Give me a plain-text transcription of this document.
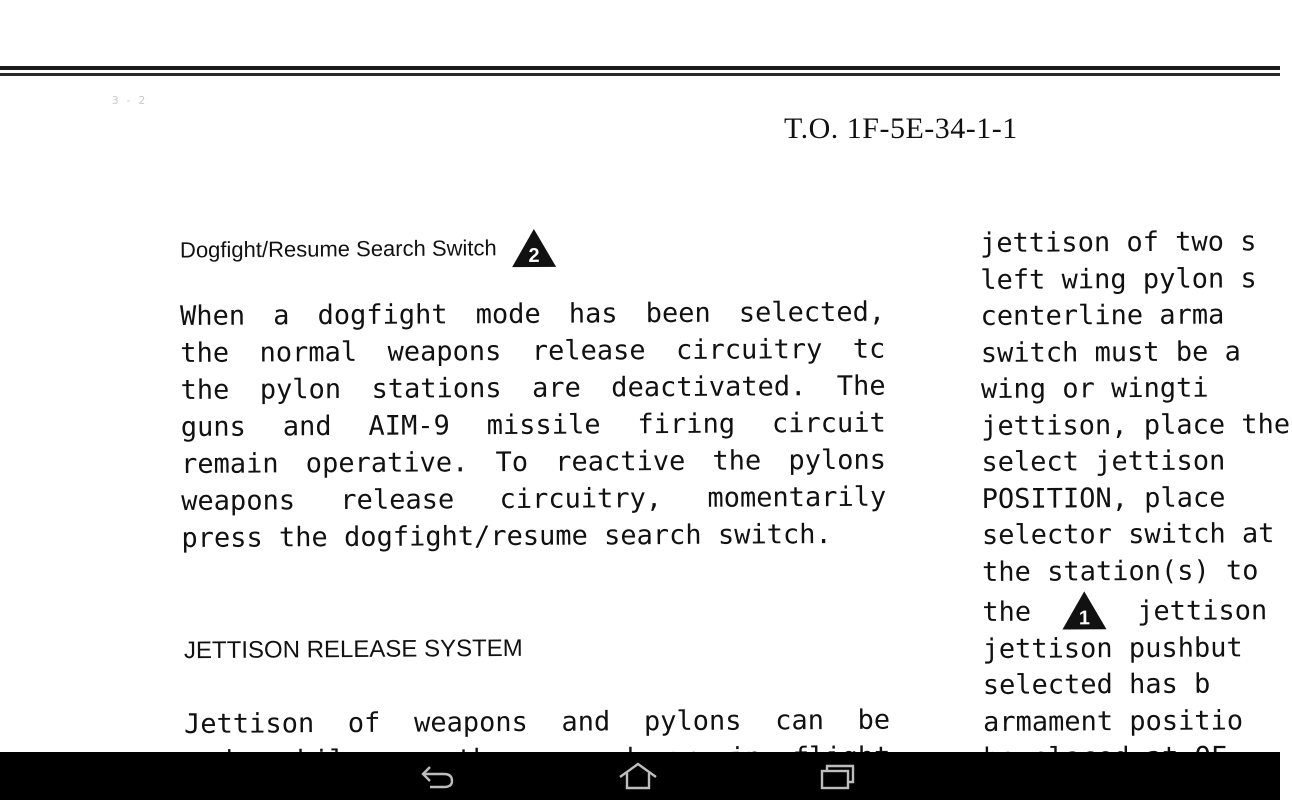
3 - 2
T.O. 1F-5E-34-1-1
Dogfight/Resume Search Switch 2
When a dogfight mode has been selected,
the normal weapons release circuitry tc
the pylon stations are deactivated. The
guns and AIM-9 missile firing circuit
remain operative. To reactive the pylons
weapons release circuitry, momentarily
press the dogfight/resume search switch.
JETTISON RELEASE SYSTEM
Jettison of weapons and pylons can be
jettison of two s
left wing pylon s
centerline arma
switch must be a
wing or wingti
jettison, place the
select jettison
POSITION, place
selector switch at
the station(s) to
the 1 jettison
jettison pushbut
selected has b
armament positio
